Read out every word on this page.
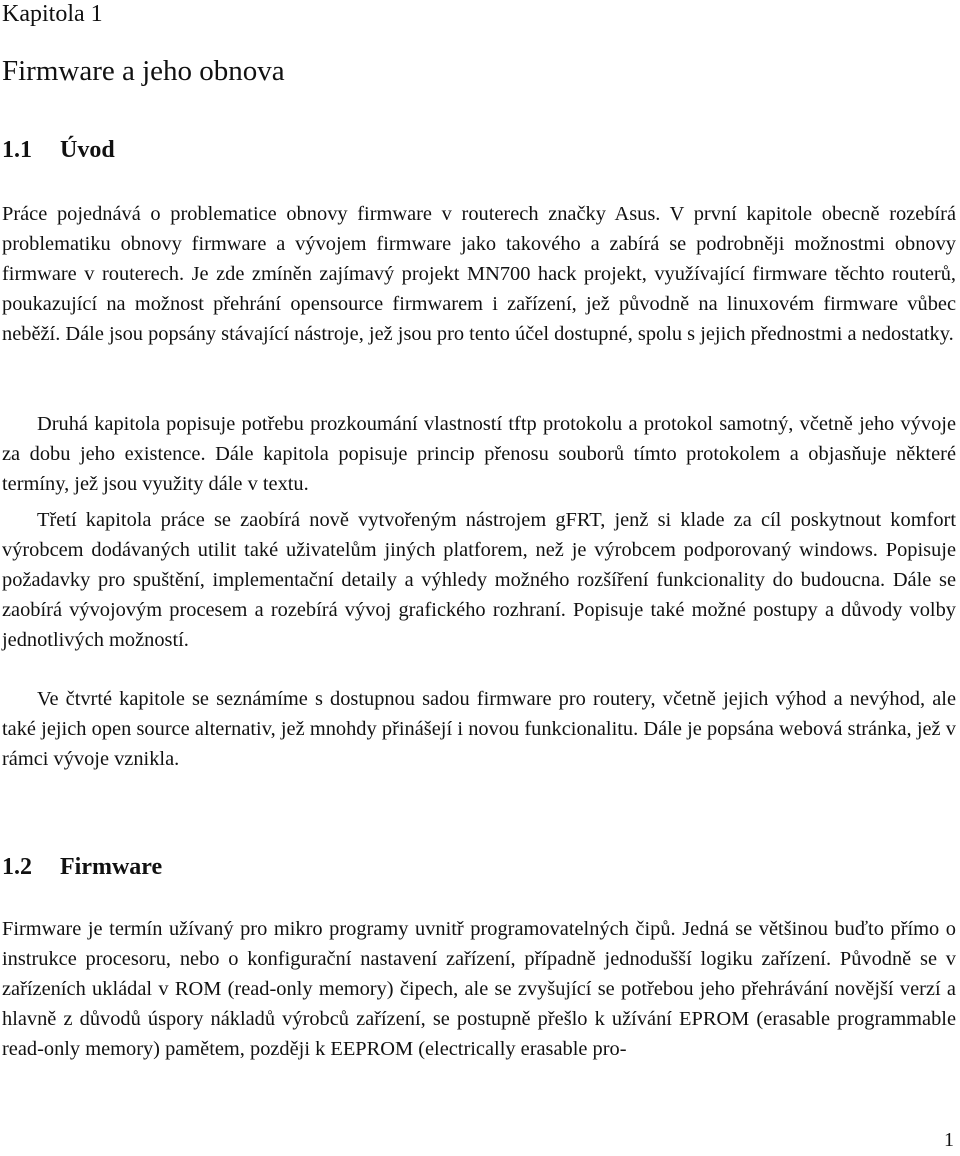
Kapitola 1
Firmware a jeho obnova
1.1 Úvod

Práce pojednává o problematice obnovy firmware v routerech značky Asus. V první kapitole obecně rozebírá problematiku obnovy firmware a vývojem firmware jako takového a zabírá se podrobněji možnostmi obnovy firmware v routerech. Je zde zmíněn zajímavý projekt MN700 hack projekt, využívající firmware těchto routerů, poukazující na možnost přehrání opensource firmwarem i zařízení, jež původně na linuxovém firmware vůbec neběží. Dále jsou popsány stávající nástroje, jež jsou pro tento účel dostupné, spolu s jejich přednostmi a nedostatky.

Druhá kapitola popisuje potřebu prozkoumání vlastností tftp protokolu a protokol samotný, včetně jeho vývoje za dobu jeho existence. Dále kapitola popisuje princip přenosu souborů tímto protokolem a objasňuje některé termíny, jež jsou využity dále v textu.

Třetí kapitola práce se zaobírá nově vytvořeným nástrojem gFRT, jenž si klade za cíl poskytnout komfort výrobcem dodávaných utilit také uživatelům jiných platforem, než je výrobcem podporovaný windows. Popisuje požadavky pro spuštění, implementační detaily a výhledy možného rozšíření funkcionality do budoucna. Dále se zaobírá vývojovým procesem a rozebírá vývoj grafického rozhraní. Popisuje také možné postupy a důvody volby jednotlivých možností.

Ve čtvrté kapitole se seznámíme s dostupnou sadou firmware pro routery, včetně jejich výhod a nevýhod, ale také jejich open source alternativ, jež mnohdy přinášejí i novou funkcionalitu. Dále je popsána webová stránka, jež v rámci vývoje vznikla.

1.2 Firmware

Firmware je termín užívaný pro mikro programy uvnitř programovatelných čipů. Jedná se většinou buďto přímo o instrukce procesoru, nebo o konfigurační nastavení zařízení, případně jednodušší logiku zařízení. Původně se v zařízeních ukládal v ROM (read-only memory) čipech, ale se zvyšující se potřebou jeho přehrávání novější verzí a hlavně z důvodů úspory nákladů výrobců zařízení, se postupně přešlo k užívání EPROM (erasable programmable read-only memory) pamětem, později k EEPROM (electrically erasable pro-

1
